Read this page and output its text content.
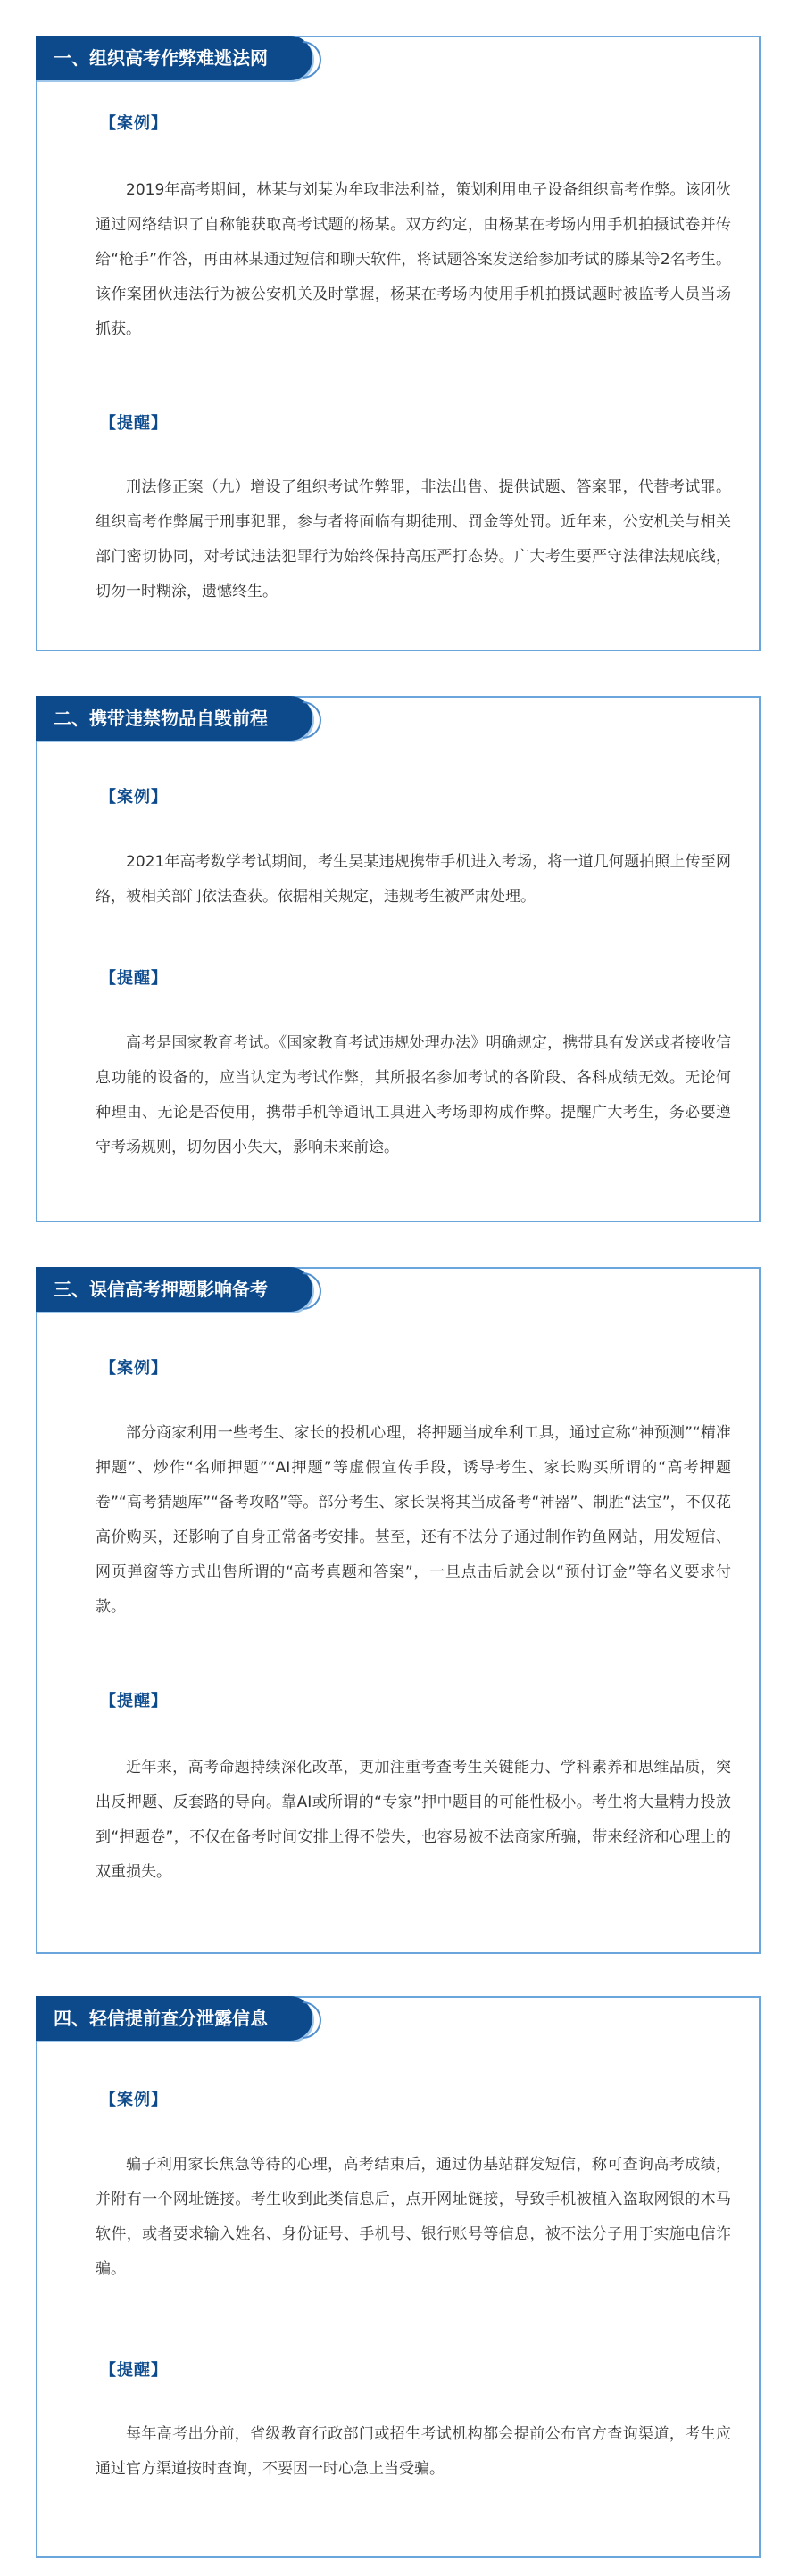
一、组织高考作弊难逃法网
【案例】
2019年高考期间，林某与刘某为牟取非法利益，策划利用电子设备组织高考作弊。该团伙通过网络结识了自称能获取高考试题的杨某。双方约定，由杨某在考场内用手机拍摄试卷并传给“枪手”作答，再由林某通过短信和聊天软件，将试题答案发送给参加考试的滕某等2名考生。该作案团伙违法行为被公安机关及时掌握，杨某在考场内使用手机拍摄试题时被监考人员当场抓获。
【提醒】
刑法修正案（九）增设了组织考试作弊罪，非法出售、提供试题、答案罪，代替考试罪。组织高考作弊属于刑事犯罪，参与者将面临有期徒刑、罚金等处罚。近年来，公安机关与相关部门密切协同，对考试违法犯罪行为始终保持高压严打态势。广大考生要严守法律法规底线，切勿一时糊涂，遗憾终生。
二、携带违禁物品自毁前程
【案例】
2021年高考数学考试期间，考生吴某违规携带手机进入考场，将一道几何题拍照上传至网络，被相关部门依法查获。依据相关规定，违规考生被严肃处理。
【提醒】
高考是国家教育考试。《国家教育考试违规处理办法》明确规定，携带具有发送或者接收信息功能的设备的，应当认定为考试作弊，其所报名参加考试的各阶段、各科成绩无效。无论何种理由、无论是否使用，携带手机等通讯工具进入考场即构成作弊。提醒广大考生，务必要遵守考场规则，切勿因小失大，影响未来前途。
三、误信高考押题影响备考
【案例】
部分商家利用一些考生、家长的投机心理，将押题当成牟利工具，通过宣称“神预测”“精准押题”、炒作“名师押题”“AI押题”等虚假宣传手段，诱导考生、家长购买所谓的“高考押题卷”“高考猜题库”“备考攻略”等。部分考生、家长误将其当成备考“神器”、制胜“法宝”，不仅花高价购买，还影响了自身正常备考安排。甚至，还有不法分子通过制作钓鱼网站，用发短信、网页弹窗等方式出售所谓的“高考真题和答案”，一旦点击后就会以“预付订金”等名义要求付款。
【提醒】
近年来，高考命题持续深化改革，更加注重考查考生关键能力、学科素养和思维品质，突出反押题、反套路的导向。靠AI或所谓的“专家”押中题目的可能性极小。考生将大量精力投放到“押题卷”，不仅在备考时间安排上得不偿失，也容易被不法商家所骗，带来经济和心理上的双重损失。
四、轻信提前查分泄露信息
【案例】
骗子利用家长焦急等待的心理，高考结束后，通过伪基站群发短信，称可查询高考成绩，并附有一个网址链接。考生收到此类信息后，点开网址链接，导致手机被植入盗取网银的木马软件，或者要求输入姓名、身份证号、手机号、银行账号等信息，被不法分子用于实施电信诈骗。
【提醒】
每年高考出分前，省级教育行政部门或招生考试机构都会提前公布官方查询渠道，考生应通过官方渠道按时查询，不要因一时心急上当受骗。
